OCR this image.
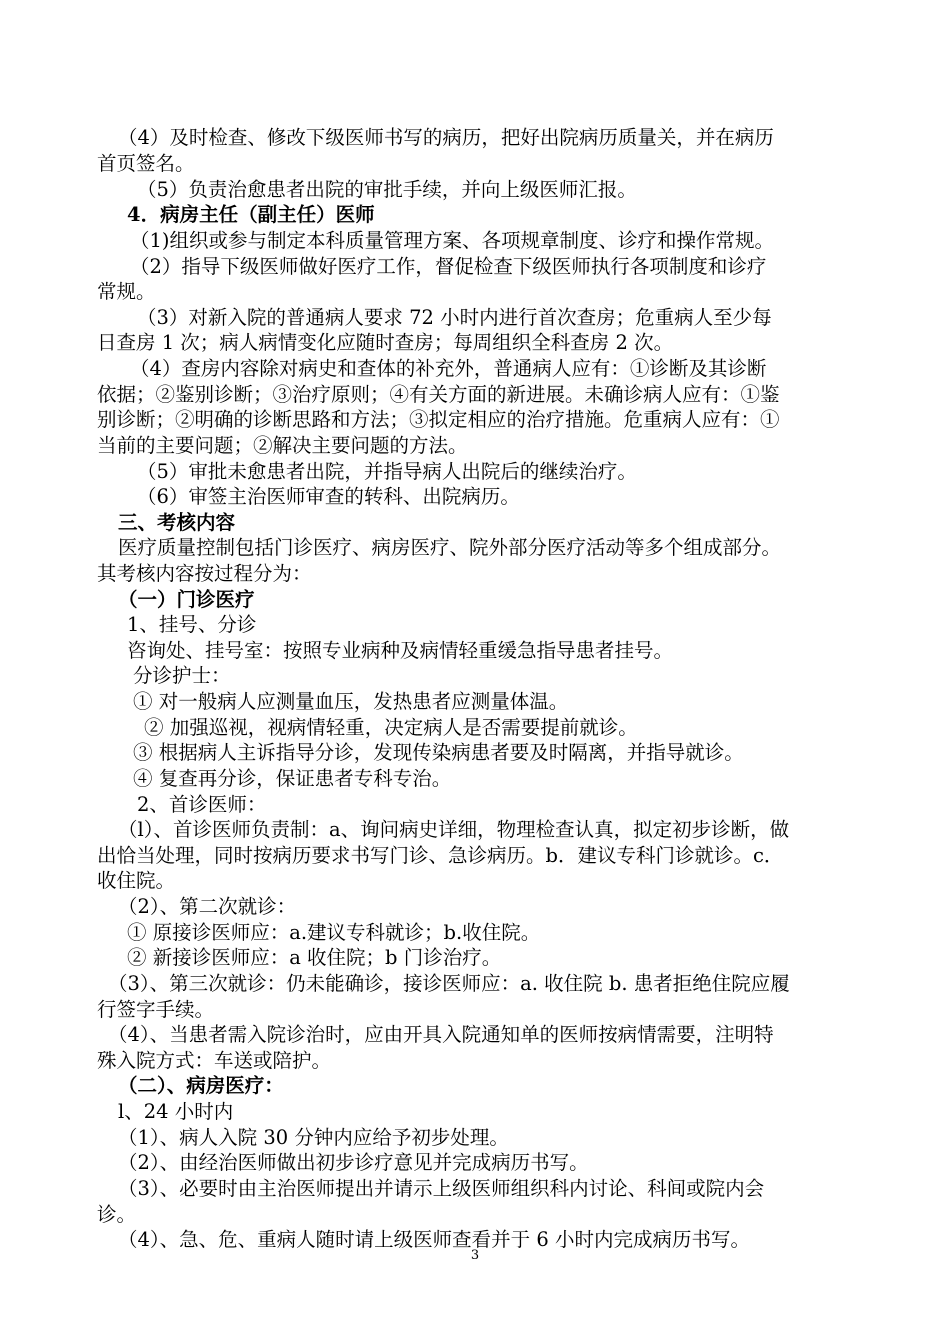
（4）及时检查、修改下级医师书写的病历，把好出院病历质量关，并在病历

首页签名。

（5）负责治愈患者出院的审批手续，并向上级医师汇报。

4．病房主任（副主任）医师

（1)组织或参与制定本科质量管理方案、各项规章制度、诊疗和操作常规。

（2）指导下级医师做好医疗工作，督促检查下级医师执行各项制度和诊疗

常规。

（3）对新入院的普通病人要求 72 小时内进行首次查房；危重病人至少每

日查房 1 次；病人病情变化应随时查房；每周组织全科查房 2 次。

（4）查房内容除对病史和查体的补充外，普通病人应有：①诊断及其诊断

依据；②鉴别诊断；③治疗原则；④有关方面的新进展。未确诊病人应有：①鉴

别诊断；②明确的诊断思路和方法；③拟定相应的治疗措施。危重病人应有：①

当前的主要问题；②解决主要问题的方法。

（5）审批未愈患者出院，并指导病人出院后的继续治疗。

（6）审签主治医师审查的转科、出院病历。

三、考核内容

医疗质量控制包括门诊医疗、病房医疗、院外部分医疗活动等多个组成部分。

其考核内容按过程分为：

（一）门诊医疗

1、挂号、分诊

咨询处、挂号室：按照专业病种及病情轻重缓急指导患者挂号。

分诊护士：

① 对一般病人应测量血压，发热患者应测量体温。

② 加强巡视，视病情轻重，决定病人是否需要提前就诊。

③ 根据病人主诉指导分诊，发现传染病患者要及时隔离，并指导就诊。

④ 复查再分诊，保证患者专科专治。

2、首诊医师：

（l）、首诊医师负责制：a、询问病史详细，物理检查认真，拟定初步诊断，做

出恰当处理，同时按病历要求书写门诊、急诊病历。b．建议专科门诊就诊。c．

收住院。

（2）、第二次就诊：

① 原接诊医师应：a.建议专科就诊；b.收住院。

② 新接诊医师应：a 收住院；b 门诊治疗。

（3）、第三次就诊：仍未能确诊，接诊医师应：a. 收住院 b. 患者拒绝住院应履

行签字手续。

（4）、当患者需入院诊治时，应由开具入院通知单的医师按病情需要，注明特

殊入院方式：车送或陪护。

（二）、病房医疗：

l、24 小时内

（1）、病人入院 30 分钟内应给予初步处理。

（2）、由经治医师做出初步诊疗意见并完成病历书写。

（3）、必要时由主治医师提出并请示上级医师组织科内讨论、科间或院内会

诊。

（4）、急、危、重病人随时请上级医师查看并于 6 小时内完成病历书写。

3
